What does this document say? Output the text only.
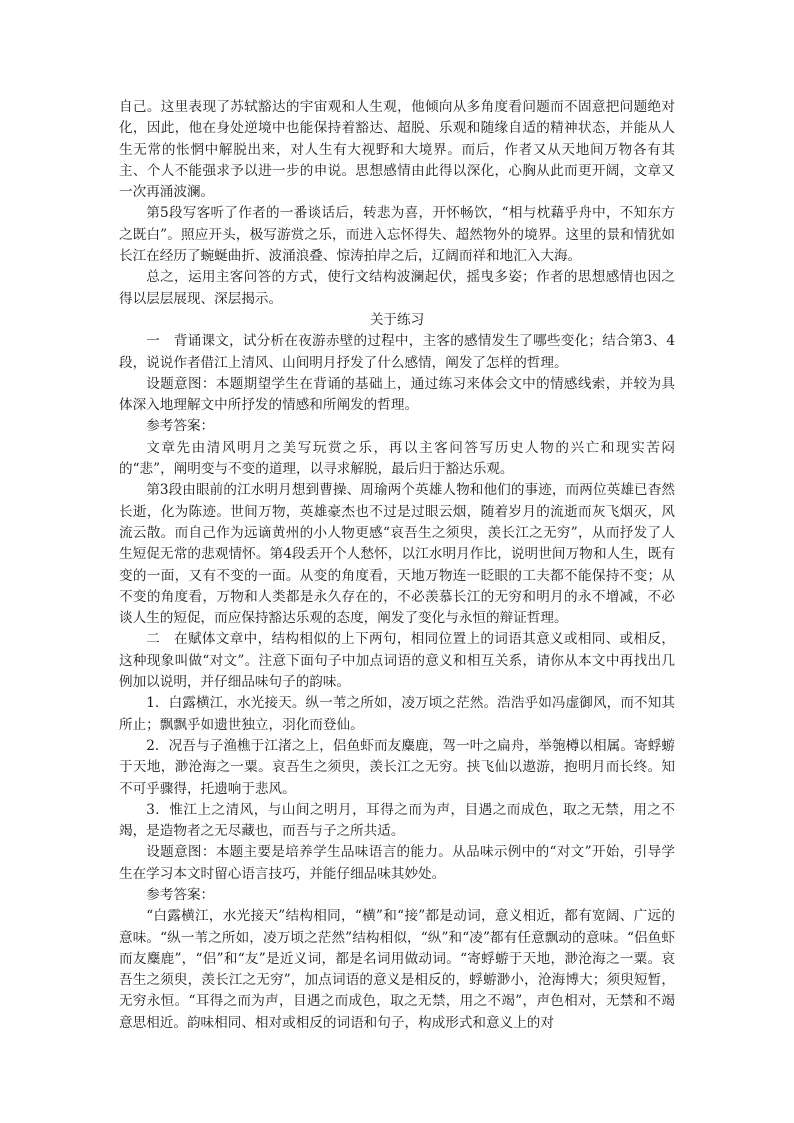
自己。这里表现了苏轼豁达的宇宙观和人生观，他倾向从多角度看问题而不固意把问题绝对化，因此，他在身处逆境中也能保持着豁达、超脱、乐观和随缘自适的精神状态，并能从人生无常的怅惘中解脱出来，对人生有大视野和大境界。而后，作者又从天地间万物各有其主、个人不能强求予以进一步的申说。思想感情由此得以深化，心胸从此而更开阔，文章又一次再涌波澜。

第5段写客听了作者的一番谈话后，转悲为喜，开怀畅饮，“相与枕藉乎舟中，不知东方之既白”。照应开头，极写游赏之乐，而进入忘怀得失、超然物外的境界。这里的景和情犹如长江在经历了蜿蜒曲折、波涌浪叠、惊涛拍岸之后，辽阔而祥和地汇入大海。

总之，运用主客问答的方式，使行文结构波澜起伏，摇曳多姿；作者的思想感情也因之得以层层展现、深层揭示。

关于练习

一　背诵课文，试分析在夜游赤壁的过程中，主客的感情发生了哪些变化；结合第3、4段，说说作者借江上清风、山间明月抒发了什么感情，阐发了怎样的哲理。

设题意图：本题期望学生在背诵的基础上，通过练习来体会文中的情感线索，并较为具体深入地理解文中所抒发的情感和所阐发的哲理。

参考答案：

文章先由清风明月之美写玩赏之乐，再以主客问答写历史人物的兴亡和现实苦闷的“悲”，阐明变与不变的道理，以寻求解脱，最后归于豁达乐观。

第3段由眼前的江水明月想到曹操、周瑜两个英雄人物和他们的事迹，而两位英雄已杳然长逝，化为陈迹。世间万物，英雄豪杰也不过是过眼云烟，随着岁月的流逝而灰飞烟灭，风流云散。而自己作为远谪黄州的小人物更感“哀吾生之须臾，羡长江之无穷”，从而抒发了人生短促无常的悲观情怀。第4段丢开个人愁怀，以江水明月作比，说明世间万物和人生，既有变的一面，又有不变的一面。从变的角度看，天地万物连一眨眼的工夫都不能保持不变；从不变的角度看，万物和人类都是永久存在的，不必羡慕长江的无穷和明月的永不增减，不必谈人生的短促，而应保持豁达乐观的态度，阐发了变化与永恒的辩证哲理。

二　在赋体文章中，结构相似的上下两句，相同位置上的词语其意义或相同、或相反，这种现象叫做“对文”。注意下面句子中加点词语的意义和相互关系，请你从本文中再找出几例加以说明，并仔细品味句子的韵味。

1．白露横江，水光接天。纵一苇之所如，凌万顷之茫然。浩浩乎如冯虚御风，而不知其所止；飘飘乎如遗世独立，羽化而登仙。

2．况吾与子渔樵于江渚之上，侣鱼虾而友麋鹿，驾一叶之扁舟，举匏樽以相属。寄蜉蝣于天地，渺沧海之一粟。哀吾生之须臾，羡长江之无穷。挟飞仙以遨游，抱明月而长终。知不可乎骤得，托遗响于悲风。

3．惟江上之清风，与山间之明月，耳得之而为声，目遇之而成色，取之无禁，用之不竭，是造物者之无尽藏也，而吾与子之所共适。

设题意图：本题主要是培养学生品味语言的能力。从品味示例中的“对文”开始，引导学生在学习本文时留心语言技巧，并能仔细品味其妙处。

参考答案：

“白露横江，水光接天”结构相同，“横”和“接”都是动词，意义相近，都有宽阔、广远的意味。“纵一苇之所如，凌万顷之茫然”结构相似，“纵”和“凌”都有任意飘动的意味。“侣鱼虾而友麋鹿”，“侣”和“友”是近义词，都是名词用做动词。“寄蜉蝣于天地，渺沧海之一粟。哀吾生之须臾，羡长江之无穷”，加点词语的意义是相反的，蜉蝣渺小，沧海博大；须臾短暂，无穷永恒。“耳得之而为声，目遇之而成色，取之无禁，用之不竭”，声色相对，无禁和不竭意思相近。韵味相同、相对或相反的词语和句子，构成形式和意义上的对
